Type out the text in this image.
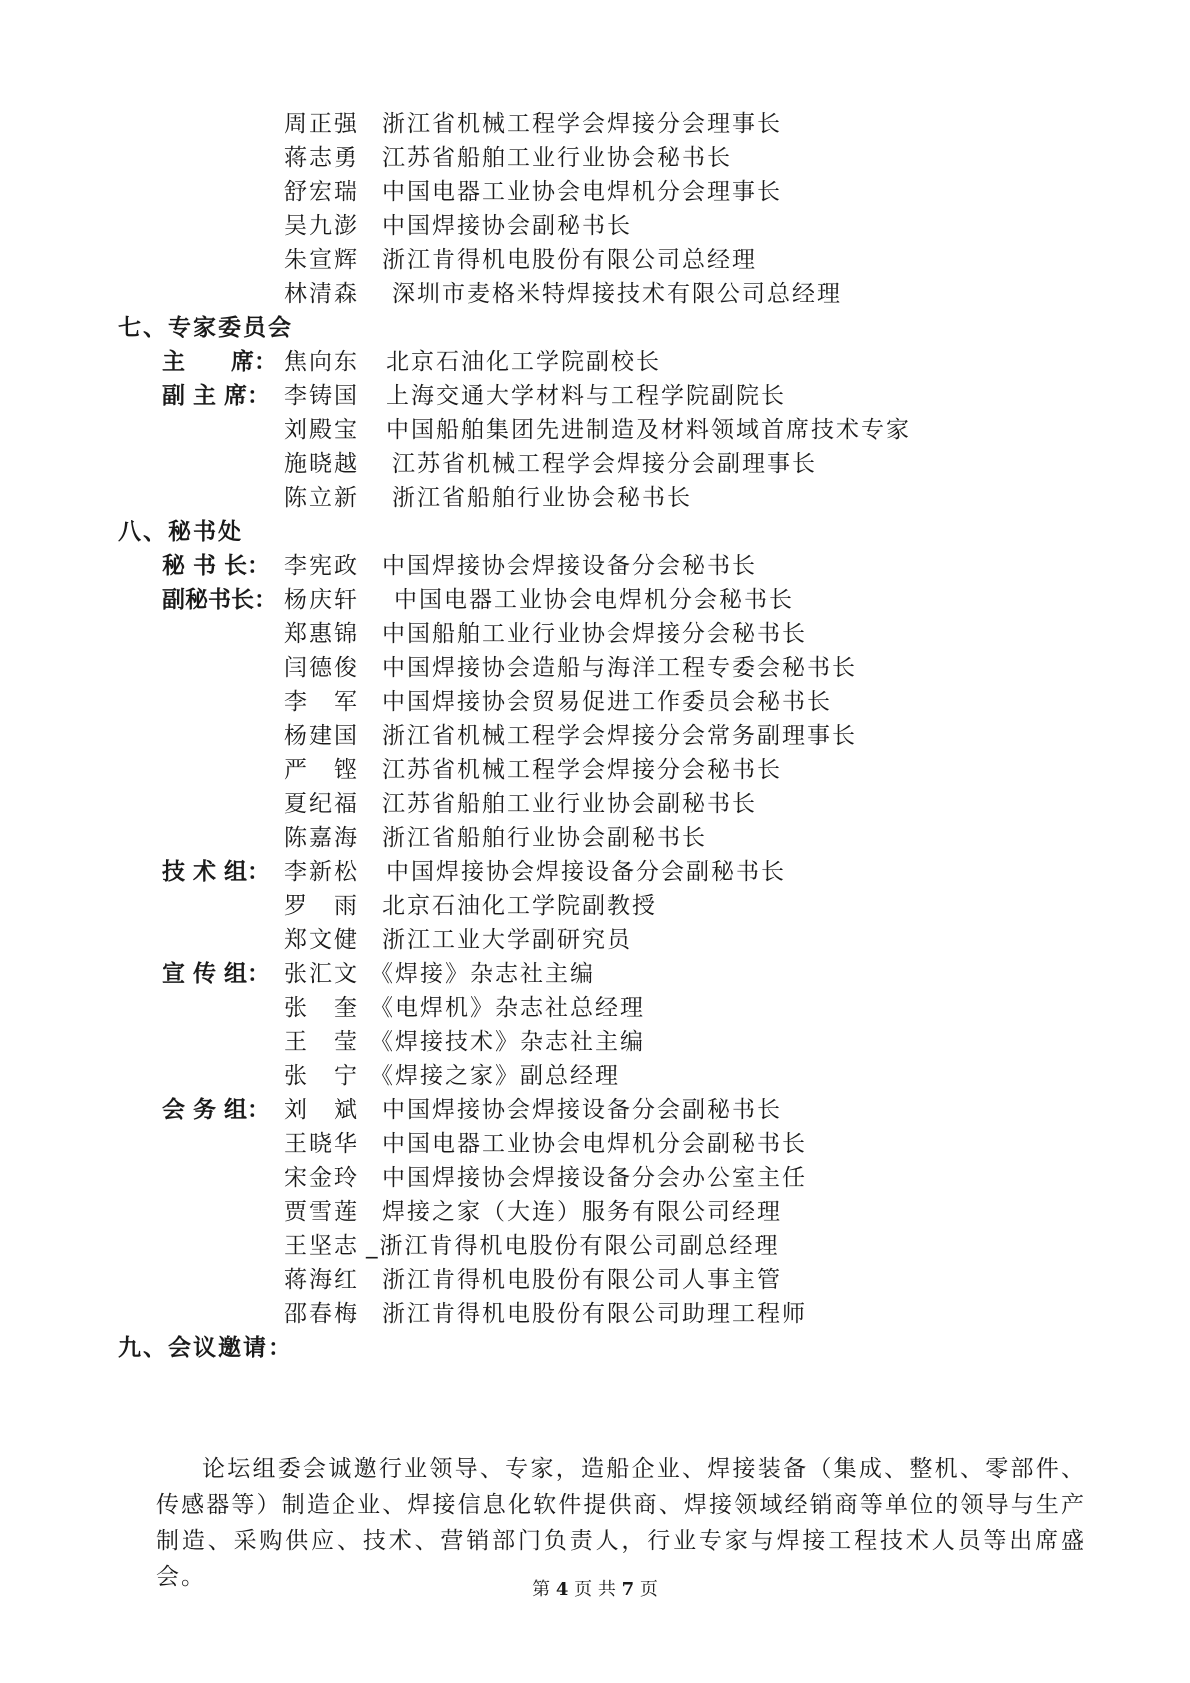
周正强 浙江省机械工程学会焊接分会理事长
蒋志勇 江苏省船舶工业行业协会秘书长
舒宏瑞 中国电器工业协会电焊机分会理事长
吴九澎 中国焊接协会副秘书长
朱宣辉 浙江肯得机电股份有限公司总经理
林清森 深圳市麦格米特焊接技术有限公司总经理
七、专家委员会
主　　席： 焦向东 北京石油化工学院副校长
副 主 席： 李铸国 上海交通大学材料与工程学院副院长
刘殿宝 中国船舶集团先进制造及材料领域首席技术专家
施晓越 江苏省机械工程学会焊接分会副理事长
陈立新 浙江省船舶行业协会秘书长
八、秘书处
秘 书 长： 李宪政 中国焊接协会焊接设备分会秘书长
副秘书长： 杨庆轩 中国电器工业协会电焊机分会秘书长
郑惠锦 中国船舶工业行业协会焊接分会秘书长
闫德俊 中国焊接协会造船与海洋工程专委会秘书长
李　军 中国焊接协会贸易促进工作委员会秘书长
杨建国 浙江省机械工程学会焊接分会常务副理事长
严　铿 江苏省机械工程学会焊接分会秘书长
夏纪福 江苏省船舶工业行业协会副秘书长
陈嘉海 浙江省船舶行业协会副秘书长
技 术 组： 李新松 中国焊接协会焊接设备分会副秘书长
罗　雨 北京石油化工学院副教授
郑文健 浙江工业大学副研究员
宣 传 组： 张汇文 《焊接》杂志社主编
张　奎 《电焊机》杂志社总经理
王　莹 《焊接技术》杂志社主编
张　宁 《焊接之家》副总经理
会 务 组： 刘　斌 中国焊接协会焊接设备分会副秘书长
王晓华 中国电器工业协会电焊机分会副秘书长
宋金玲 中国焊接协会焊接设备分会办公室主任
贾雪莲 焊接之家（大连）服务有限公司经理
王坚志 _浙江肯得机电股份有限公司副总经理
蒋海红 浙江肯得机电股份有限公司人事主管
邵春梅 浙江肯得机电股份有限公司助理工程师
九、会议邀请：
论坛组委会诚邀行业领导、专家，造船企业、焊接装备（集成、整机、零部件、传感器等）制造企业、焊接信息化软件提供商、焊接领域经销商等单位的领导与生产制造、采购供应、技术、营销部门负责人，行业专家与焊接工程技术人员等出席盛会。	第 4 页 共 7 页
